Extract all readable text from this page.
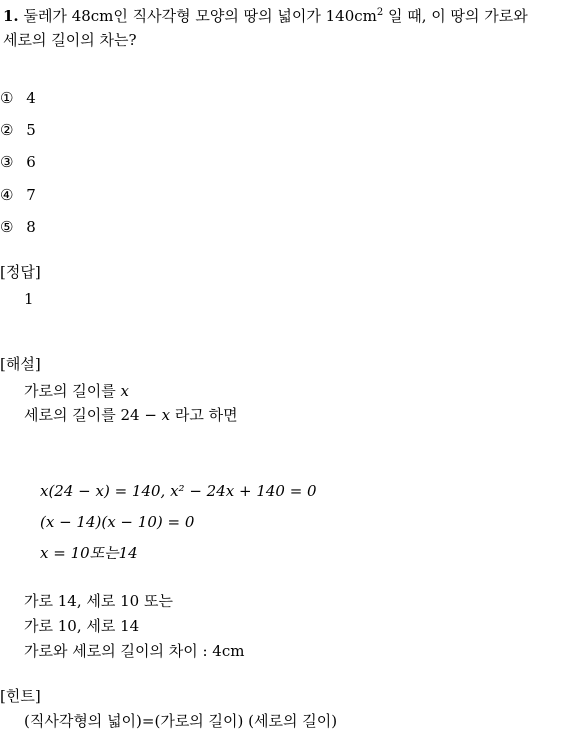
1. 둘레가 48cm인 직사각형 모양의 땅의 넓이가 $140cm^2$ 일 때, 이 땅의 가로와
세로의 길이의 차는?
① 4
② 5
③ 6
④ 7
⑤ 8
[정답]
1
[해설]
가로의 길이를 x
세로의 길이를 24 − x 라고 하면
x(24 − x) = 140, x² − 24x + 140 = 0
(x − 14)(x − 10) = 0
x = 10또는14
가로 14, 세로 10 또는
가로 10, 세로 14
가로와 세로의 길이의 차이 : 4cm
[힌트]
(직사각형의 넓이)=(가로의 길이) (세로의 길이)
